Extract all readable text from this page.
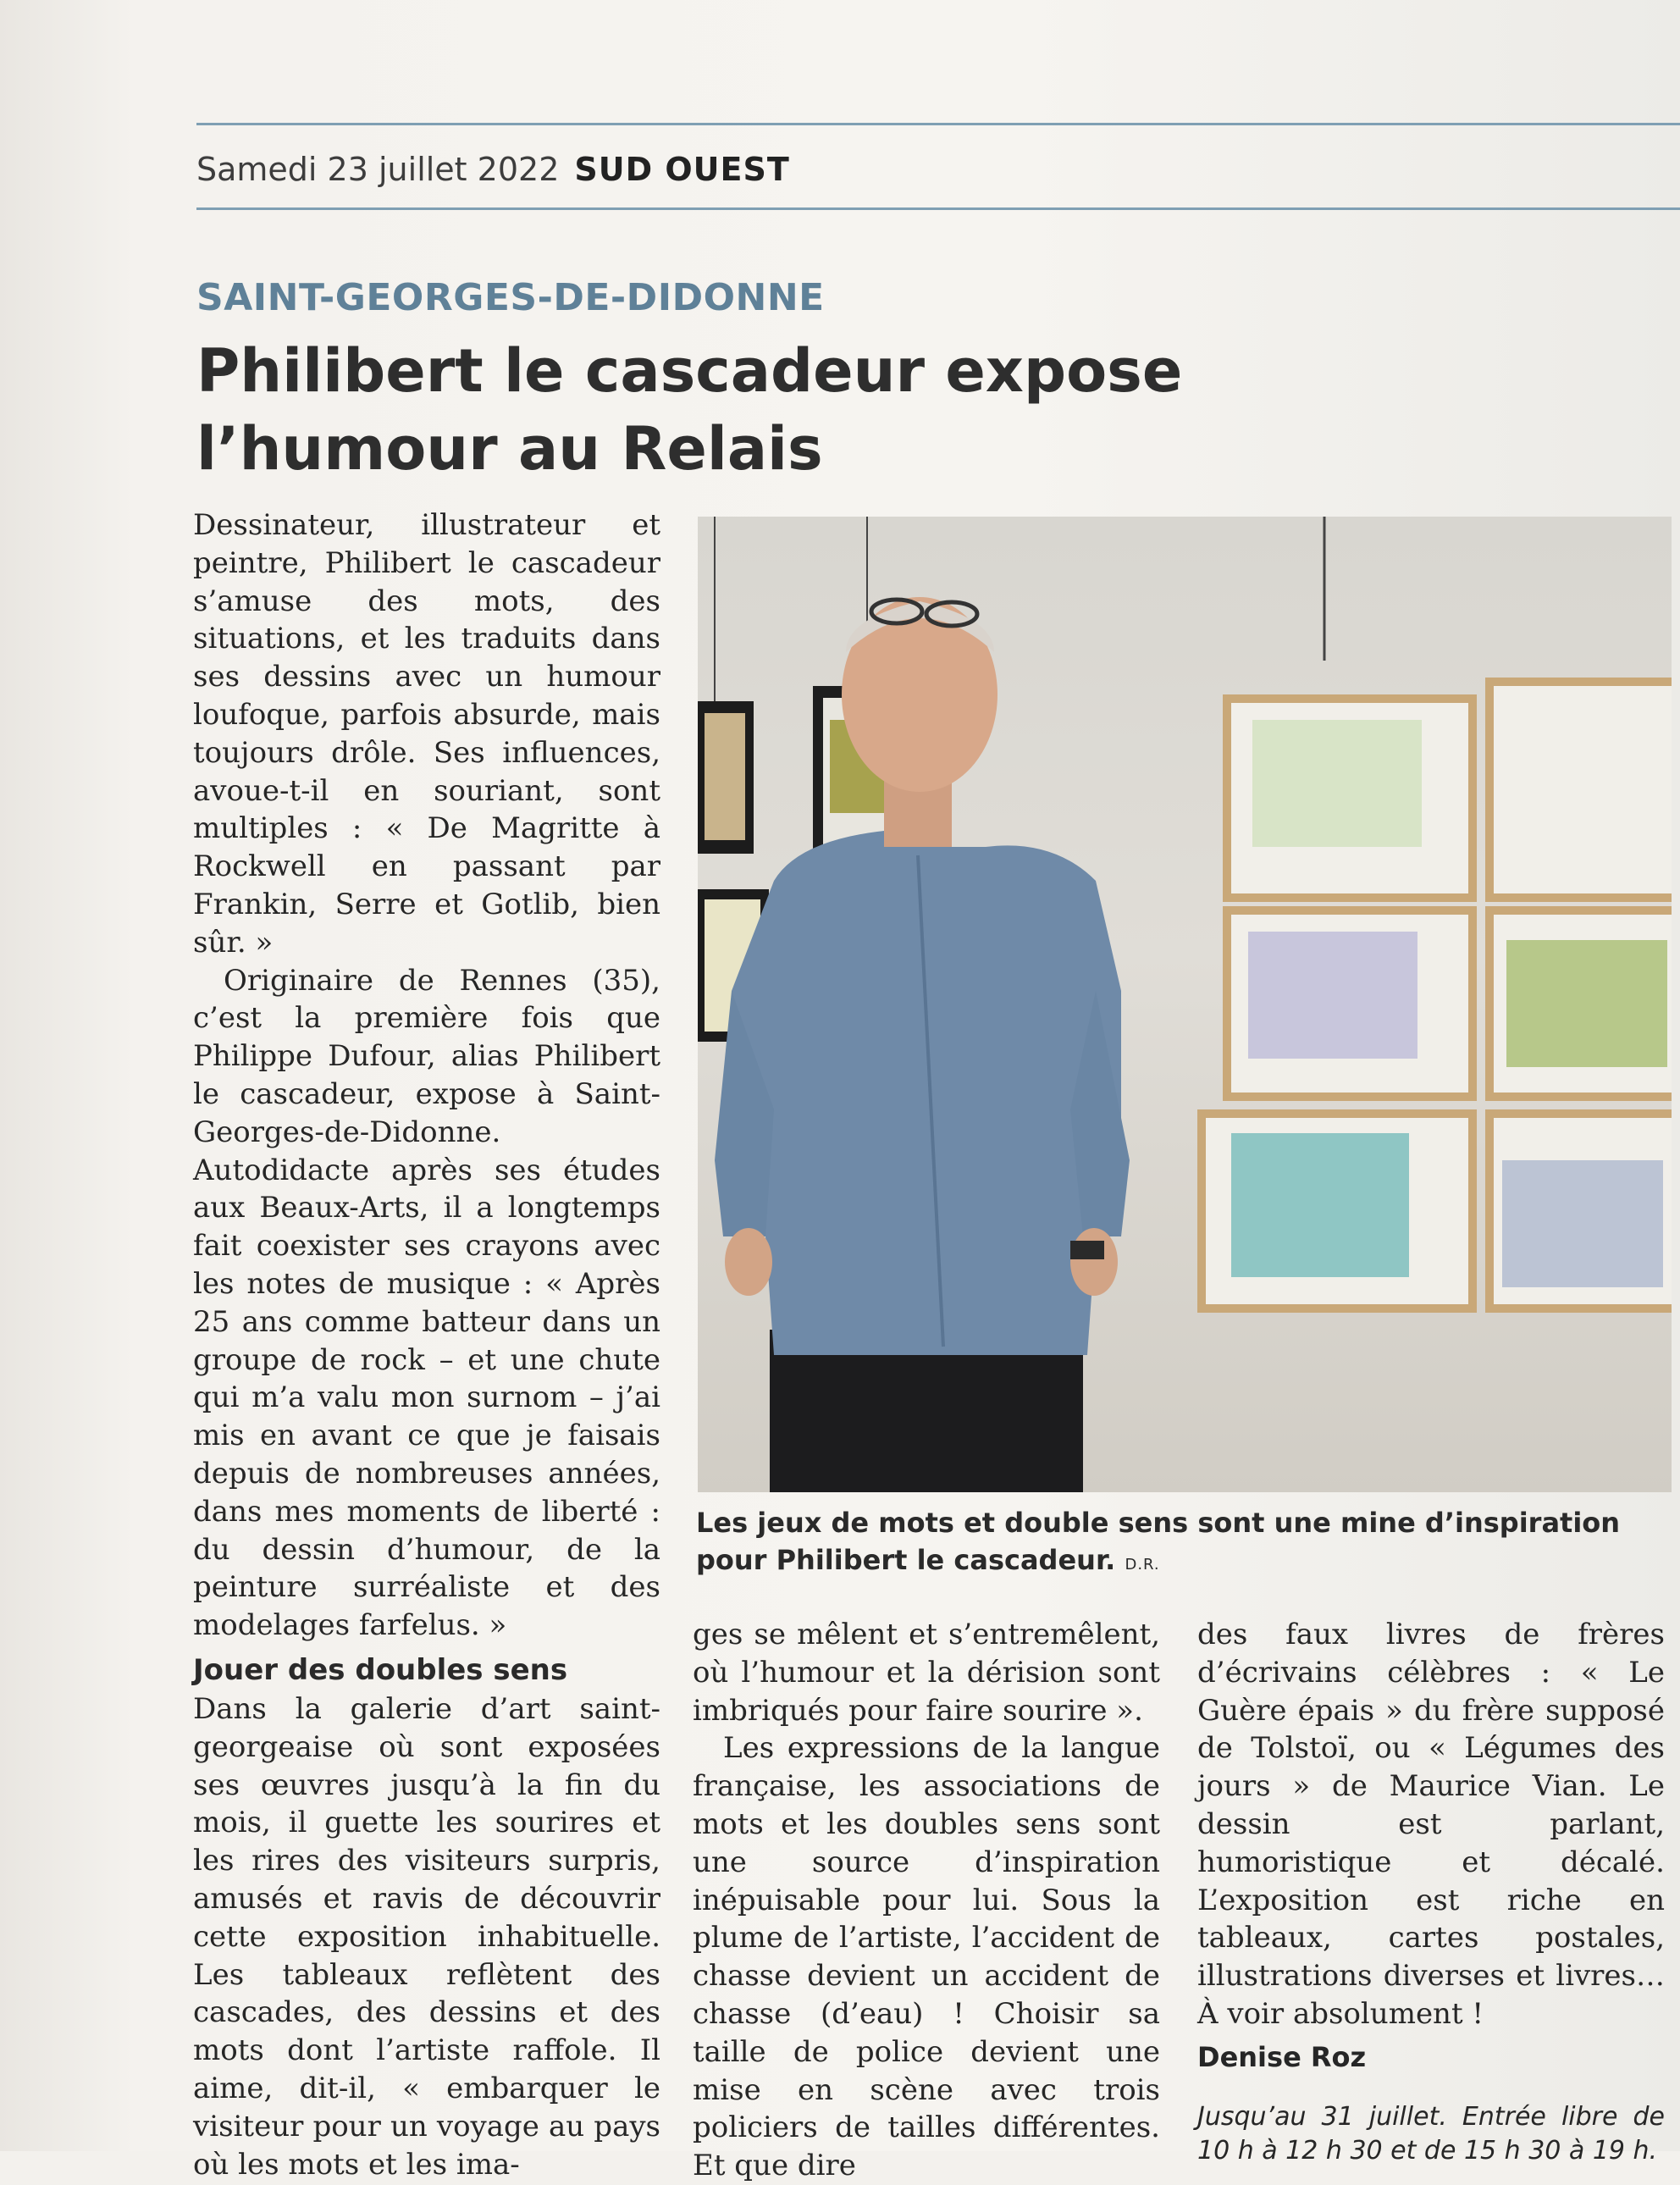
Samedi 23 juillet 2022 SUD OUEST
SAINT-GEORGES-DE-DIDONNE
Philibert le cascadeur expose
l’humour au Relais

Dessinateur, illustrateur et peintre, Philibert le cascadeur s’amuse des mots, des situations, et les traduits dans ses dessins avec un humour loufoque, parfois absurde, mais toujours drôle. Ses influences, avoue-t-il en souriant, sont multiples : « De Magritte à Rockwell en passant par Frankin, Serre et Gotlib, bien sûr. »

Originaire de Rennes (35), c’est la première fois que Philippe Dufour, alias Philibert le cascadeur, expose à Saint-Georges-de-Didonne. Autodidacte après ses études aux Beaux-Arts, il a longtemps fait coexister ses crayons avec les notes de musique : « Après 25 ans comme batteur dans un groupe de rock – et une chute qui m’a valu mon surnom – j’ai mis en avant ce que je faisais depuis de nombreuses années, dans mes moments de liberté : du dessin d’humour, de la peinture surréaliste et des modelages farfelus. »

Les jeux de mots et double sens sont une mine d’inspiration pour Philibert le cascadeur. D.R.
Jouer des doubles sens

Dans la galerie d’art saint-georgeaise où sont exposées ses œuvres jusqu’à la fin du mois, il guette les sourires et les rires des visiteurs surpris, amusés et ravis de découvrir cette exposition inhabituelle. Les tableaux reflètent des cascades, des dessins et des mots dont l’artiste raffole. Il aime, dit-il, « embarquer le visiteur pour un voyage au pays où les mots et les ima-

ges se mêlent et s’entremêlent, où l’humour et la dérision sont imbriqués pour faire sourire ».

Les expressions de la langue française, les associations de mots et les doubles sens sont une source d’inspiration inépuisable pour lui. Sous la plume de l’artiste, l’accident de chasse devient un accident de chasse (d’eau) ! Choisir sa taille de police devient une mise en scène avec trois policiers de tailles différentes. Et que dire

des faux livres de frères d’écrivains célèbres : « Le Guère épais » du frère supposé de Tolstoï, ou « Légumes des jours » de Maurice Vian. Le dessin est parlant, humoristique et décalé. L’exposition est riche en tableaux, cartes postales, illustrations diverses et livres… À voir absolument !

Denise Roz
Jusqu’au 31 juillet. Entrée libre de 10 h à 12 h 30 et de 15 h 30 à 19 h.
